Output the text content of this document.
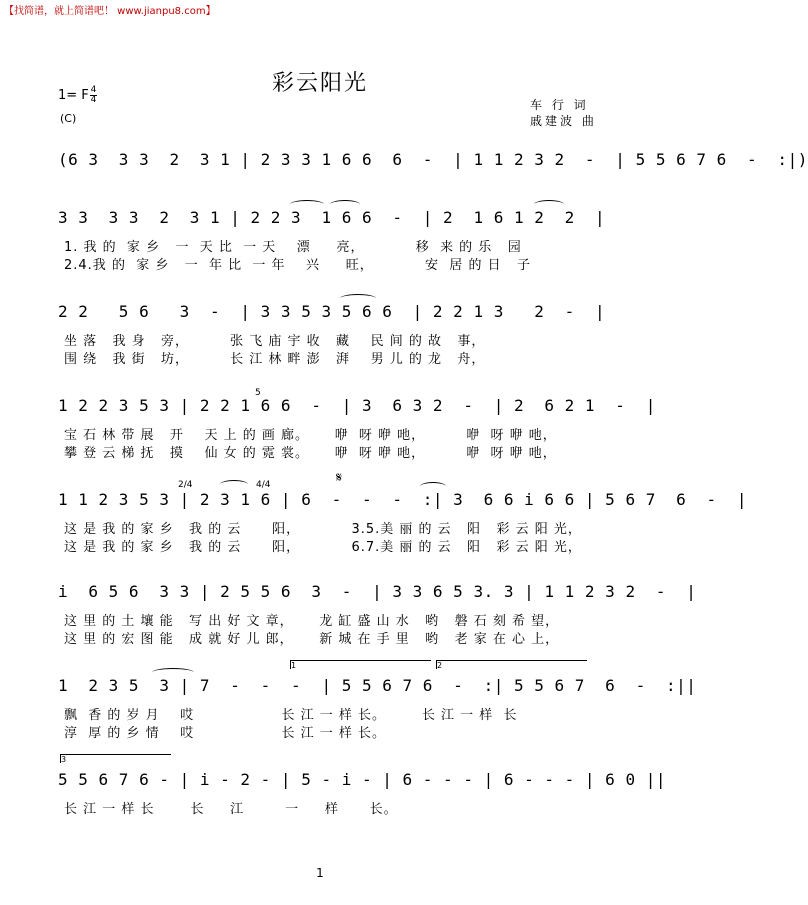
【找简谱，就上简谱吧！ www.jianpu8.com】
彩云阳光
1= F 4
4
(C)
车 行 词
戚建波 曲
(6 3  3 3  2  3 1 | 2 3 3 1 6 6  6  -  | 1 1 2 3 2  -  | 5 5 6 7 6  -  :|)
3 3  3 3  2  3 1 | 2 2 3  1 6 6  -  | 2  1 6 1 2  2  |
1. 我 的  家 乡   一  天 比  一 天    漂     亮，          移  来 的 乐   园
2.4.我 的  家 乡   一  年 比  一 年    兴     旺，          安  居 的 日   子
2 2   5 6   3  -  | 3 3 5 3 5 6 6  | 2 2 1 3   2  -  |
坐 落   我 身   旁，        张 飞 庙 宇 收   藏    民 间 的 故   事，
围 绕   我 街   坊，        长 江 林 畔 澎   湃    男 儿 的 龙   舟，
1 2 2 3 5 3 | 2 2 1 6 6  -  | 3  6 3 2  -  | 2  6 2 1  -  |
宝 石 林 带 展   开    天 上 的 画 廊。     咿  呀 咿 吔，        咿  呀 咿 吔，
攀 登 云 梯 抚   摸    仙 女 的 霓 裳。     咿  呀 咿 吔，        咿  呀 咿 吔，
1 1 2 3 5 3 | 2 3 1 6 | 6  -  -  -  :| 3  6 6 i 6 6 | 5 6 7  6  -  |
这 是 我 的 家 乡   我 的 云      阳，          3.5.美 丽 的 云   阳   彩 云 阳 光，
这 是 我 的 家 乡   我 的 云      阳，          6.7.美 丽 的 云   阳   彩 云 阳 光，
i  6 5 6  3 3 | 2 5 5 6  3  -  | 3 3 6 5 3. 3 | 1 1 2 3 2  -  |
这 里 的 土 壤 能   写 出 好 文 章，     龙 缸 盛 山 水   哟   磐 石 刻 希 望，
这 里 的 宏 图 能   成 就 好 儿 郎，     新 城 在 手 里   哟   老 家 在 心 上，
1  2 3 5  3 | 7  -  -  -  | 5 5 6 7 6  -  :| 5 5 6 7  6  -  :||
飘  香 的 岁 月    哎                 长 江 一 样 长。       长 江 一 样  长
淳  厚 的 乡 情    哎                 长 江 一 样 长。
5 5 6 7 6 - | i - 2 - | 5 - i - | 6 - - - | 6 - - - | 6 0 ||
长 江 一 样 长       长     江        一     样      长。
2/4	4/4	𝄋
5
1	2
3
1
